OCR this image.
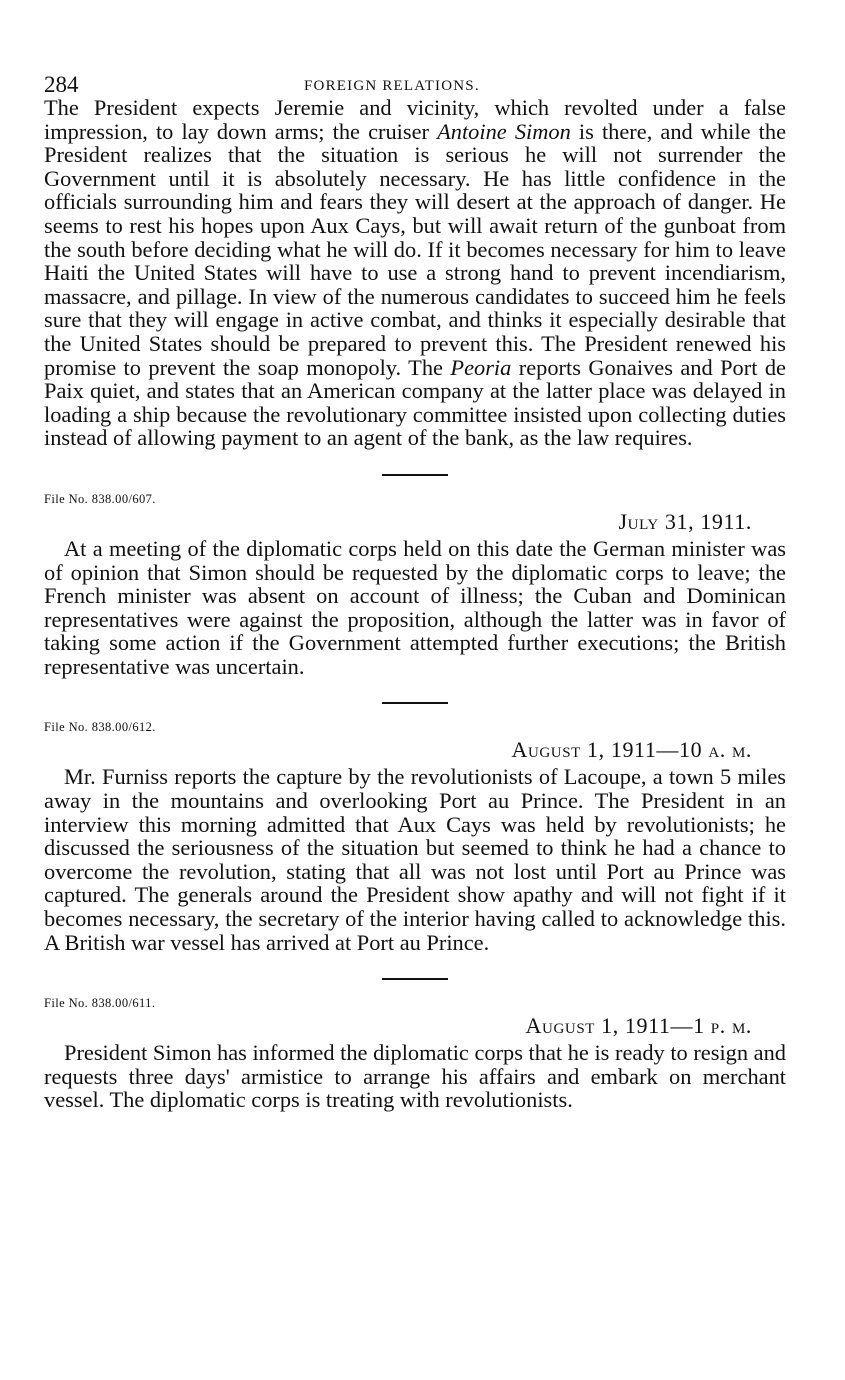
284	FOREIGN RELATIONS.

The President expects Jeremie and vicinity, which revolted under a false impression, to lay down arms; the cruiser Antoine Simon is there, and while the President realizes that the situation is serious he will not surrender the Government until it is absolutely necessary. He has little confidence in the officials surrounding him and fears they will desert at the approach of danger. He seems to rest his hopes upon Aux Cays, but will await return of the gunboat from the south before deciding what he will do. If it becomes necessary for him to leave Haiti the United States will have to use a strong hand to prevent incendiarism, massacre, and pillage. In view of the numerous candidates to succeed him he feels sure that they will engage in active combat, and thinks it especially desirable that the United States should be prepared to prevent this. The President renewed his promise to prevent the soap monopoly. The Peoria reports Gonaives and Port de Paix quiet, and states that an American company at the latter place was delayed in loading a ship because the revolutionary committee insisted upon collecting duties instead of allowing payment to an agent of the bank, as the law requires.

File No. 838.00/607.
July 31, 1911.

At a meeting of the diplomatic corps held on this date the German minister was of opinion that Simon should be requested by the diplomatic corps to leave; the French minister was absent on account of illness; the Cuban and Dominican representatives were against the proposition, although the latter was in favor of taking some action if the Government attempted further executions; the British representative was uncertain.

File No. 838.00/612.
August 1, 1911—10 a. m.

Mr. Furniss reports the capture by the revolutionists of Lacoupe, a town 5 miles away in the mountains and overlooking Port au Prince. The President in an interview this morning admitted that Aux Cays was held by revolutionists; he discussed the seriousness of the situation but seemed to think he had a chance to overcome the revolution, stating that all was not lost until Port au Prince was captured. The generals around the President show apathy and will not fight if it becomes necessary, the secretary of the interior having called to acknowledge this. A British war vessel has arrived at Port au Prince.

File No. 838.00/611.
August 1, 1911—1 p. m.

President Simon has informed the diplomatic corps that he is ready to resign and requests three days' armistice to arrange his affairs and embark on merchant vessel. The diplomatic corps is treating with revolutionists.
